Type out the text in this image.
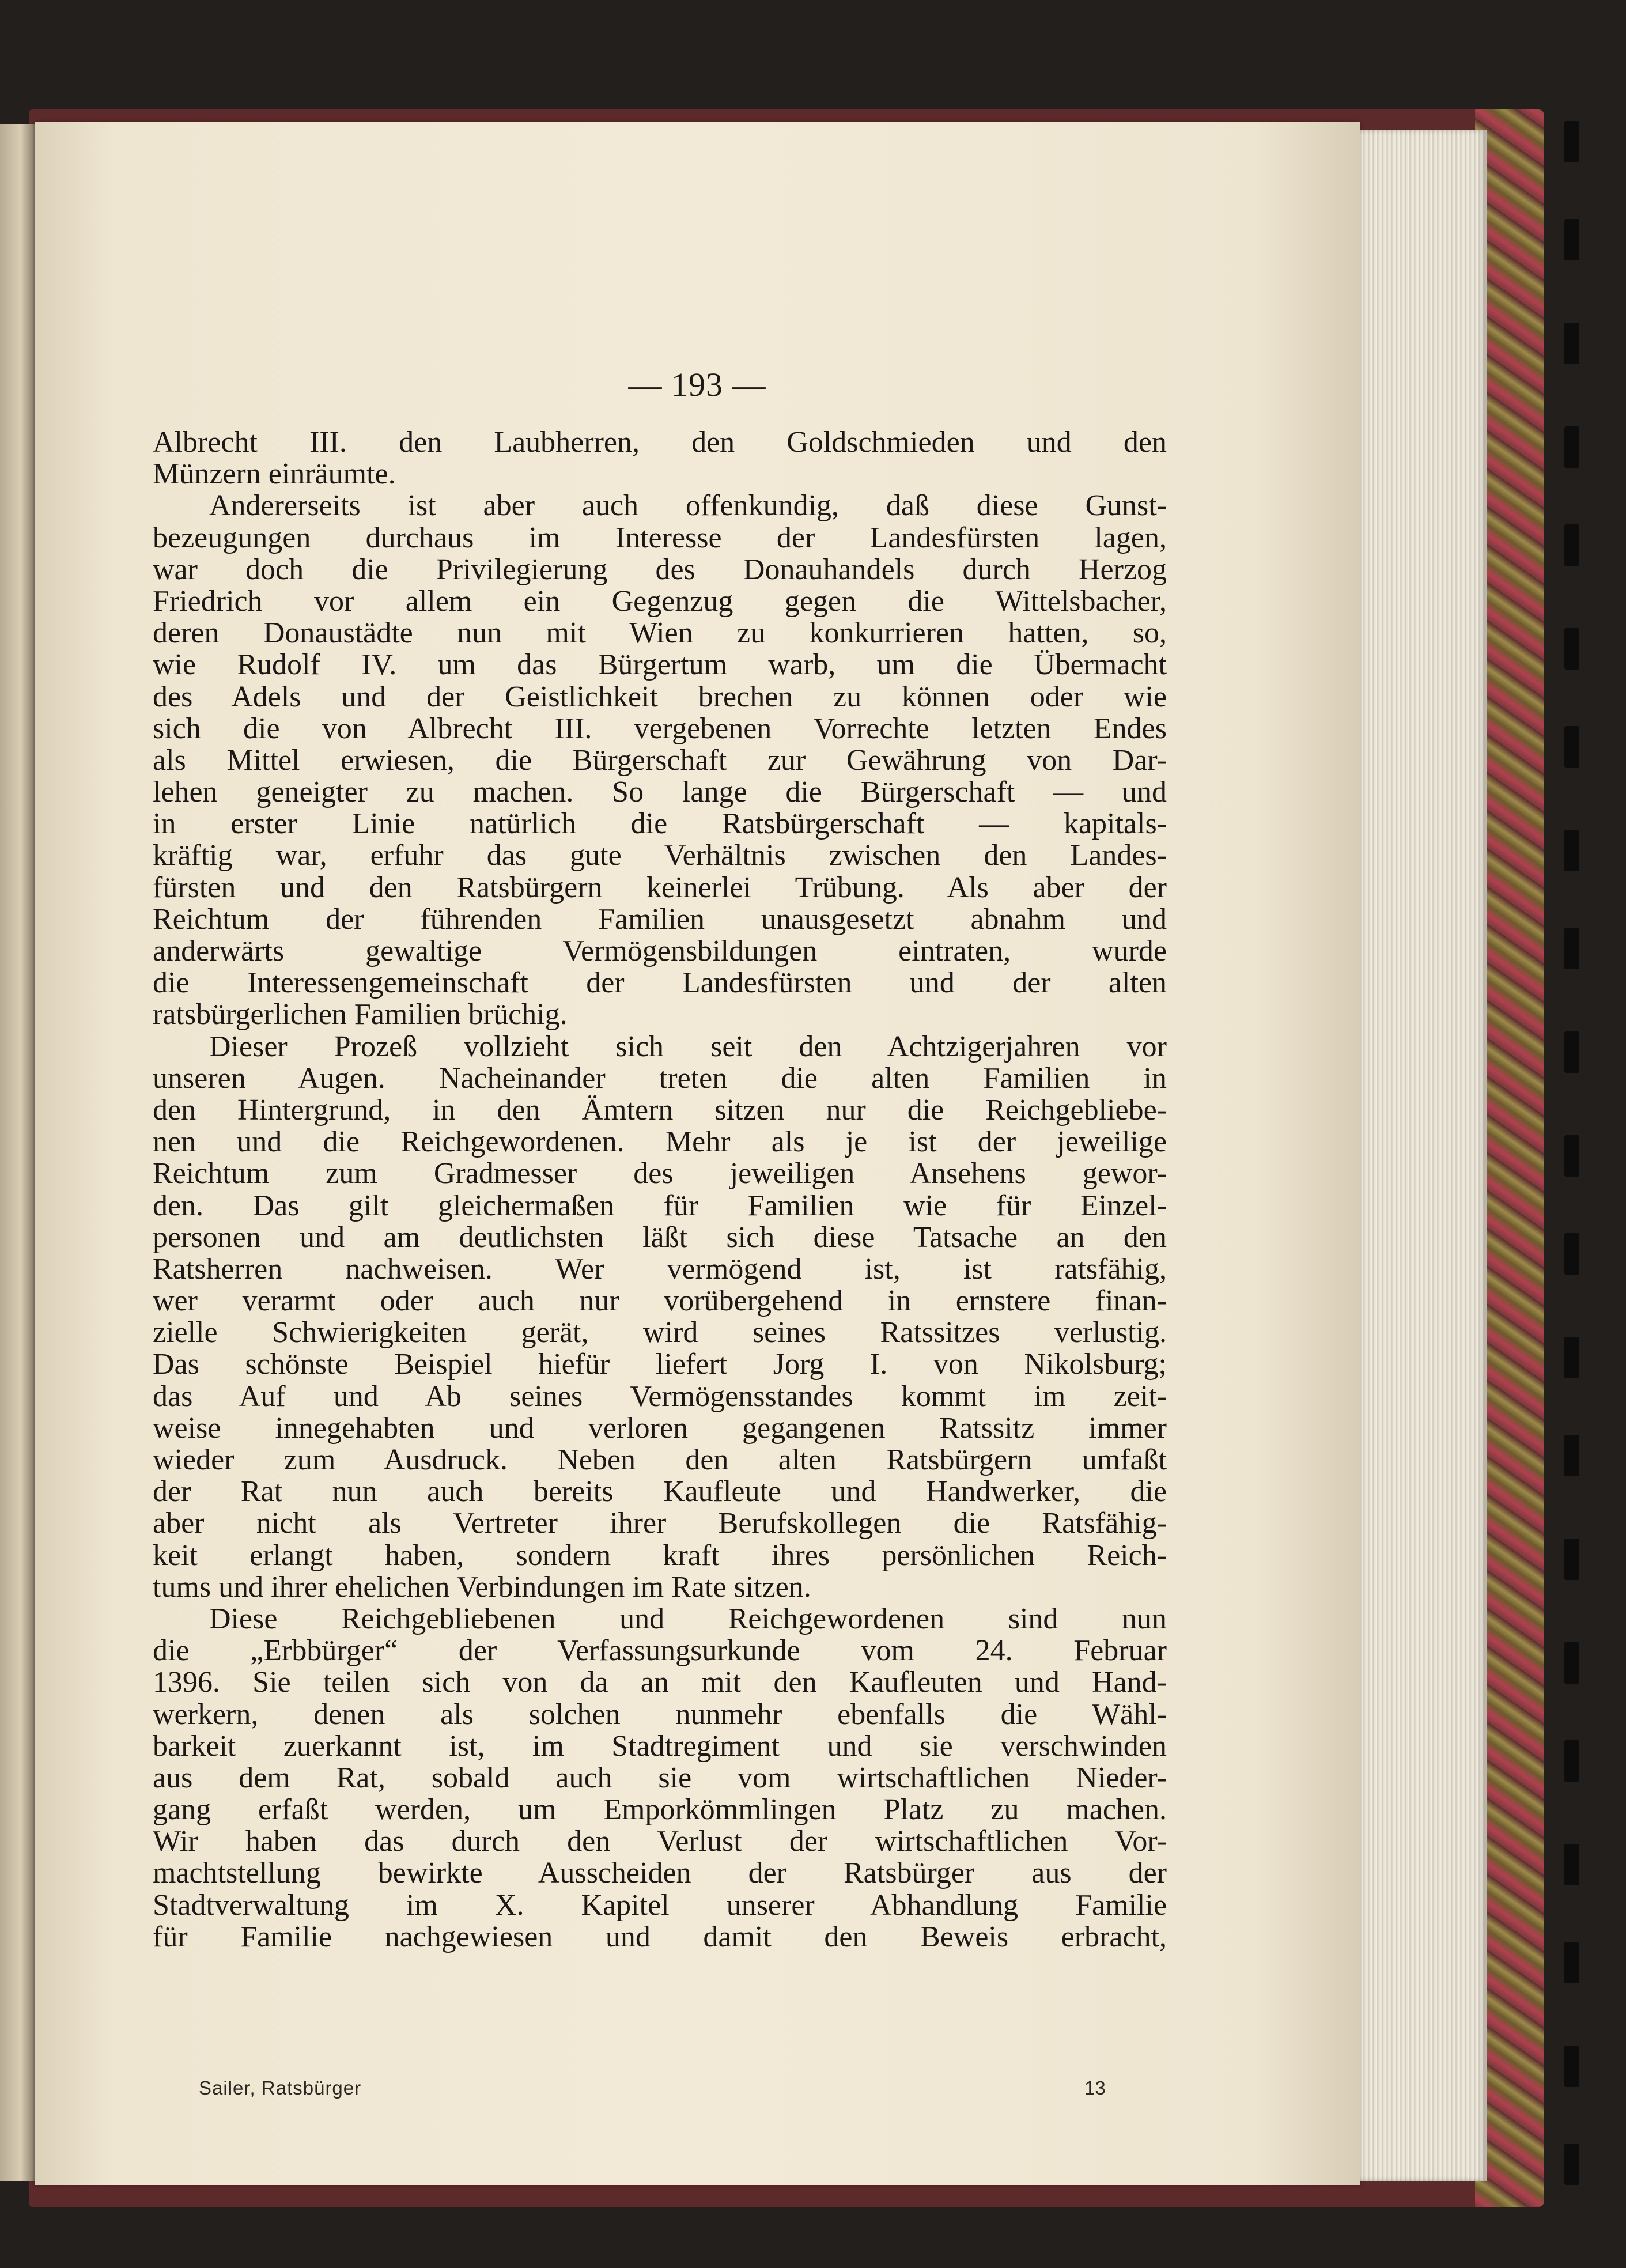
— 193 —
Albrecht III. den Laubherren, den Goldschmieden und den
Münzern einräumte.
Andererseits ist aber auch offenkundig, daß diese Gunst-
bezeugungen durchaus im Interesse der Landesfürsten lagen,
war doch die Privilegierung des Donauhandels durch Herzog
Friedrich vor allem ein Gegenzug gegen die Wittelsbacher,
deren Donaustädte nun mit Wien zu konkurrieren hatten, so,
wie Rudolf IV. um das Bürgertum warb, um die Übermacht
des Adels und der Geistlichkeit brechen zu können oder wie
sich die von Albrecht III. vergebenen Vorrechte letzten Endes
als Mittel erwiesen, die Bürgerschaft zur Gewährung von Dar-
lehen geneigter zu machen. So lange die Bürgerschaft — und
in erster Linie natürlich die Ratsbürgerschaft — kapitals-
kräftig war, erfuhr das gute Verhältnis zwischen den Landes-
fürsten und den Ratsbürgern keinerlei Trübung. Als aber der
Reichtum der führenden Familien unausgesetzt abnahm und
anderwärts gewaltige Vermögensbildungen eintraten, wurde
die Interessengemeinschaft der Landesfürsten und der alten
ratsbürgerlichen Familien brüchig.
Dieser Prozeß vollzieht sich seit den Achtzigerjahren vor
unseren Augen. Nacheinander treten die alten Familien in
den Hintergrund, in den Ämtern sitzen nur die Reichgebliebe-
nen und die Reichgewordenen. Mehr als je ist der jeweilige
Reichtum zum Gradmesser des jeweiligen Ansehens gewor-
den. Das gilt gleichermaßen für Familien wie für Einzel-
personen und am deutlichsten läßt sich diese Tatsache an den
Ratsherren nachweisen. Wer vermögend ist, ist ratsfähig,
wer verarmt oder auch nur vorübergehend in ernstere finan-
zielle Schwierigkeiten gerät, wird seines Ratssitzes verlustig.
Das schönste Beispiel hiefür liefert Jorg I. von Nikolsburg;
das Auf und Ab seines Vermögensstandes kommt im zeit-
weise innegehabten und verloren gegangenen Ratssitz immer
wieder zum Ausdruck. Neben den alten Ratsbürgern umfaßt
der Rat nun auch bereits Kaufleute und Handwerker, die
aber nicht als Vertreter ihrer Berufskollegen die Ratsfähig-
keit erlangt haben, sondern kraft ihres persönlichen Reich-
tums und ihrer ehelichen Verbindungen im Rate sitzen.
Diese Reichgebliebenen und Reichgewordenen sind nun
die „Erbbürger“ der Verfassungsurkunde vom 24. Februar
1396. Sie teilen sich von da an mit den Kaufleuten und Hand-
werkern, denen als solchen nunmehr ebenfalls die Wähl-
barkeit zuerkannt ist, im Stadtregiment und sie verschwinden
aus dem Rat, sobald auch sie vom wirtschaftlichen Nieder-
gang erfaßt werden, um Emporkömmlingen Platz zu machen.
Wir haben das durch den Verlust der wirtschaftlichen Vor-
machtstellung bewirkte Ausscheiden der Ratsbürger aus der
Stadtverwaltung im X. Kapitel unserer Abhandlung Familie
für Familie nachgewiesen und damit den Beweis erbracht,
Sailer, Ratsbürger	13
